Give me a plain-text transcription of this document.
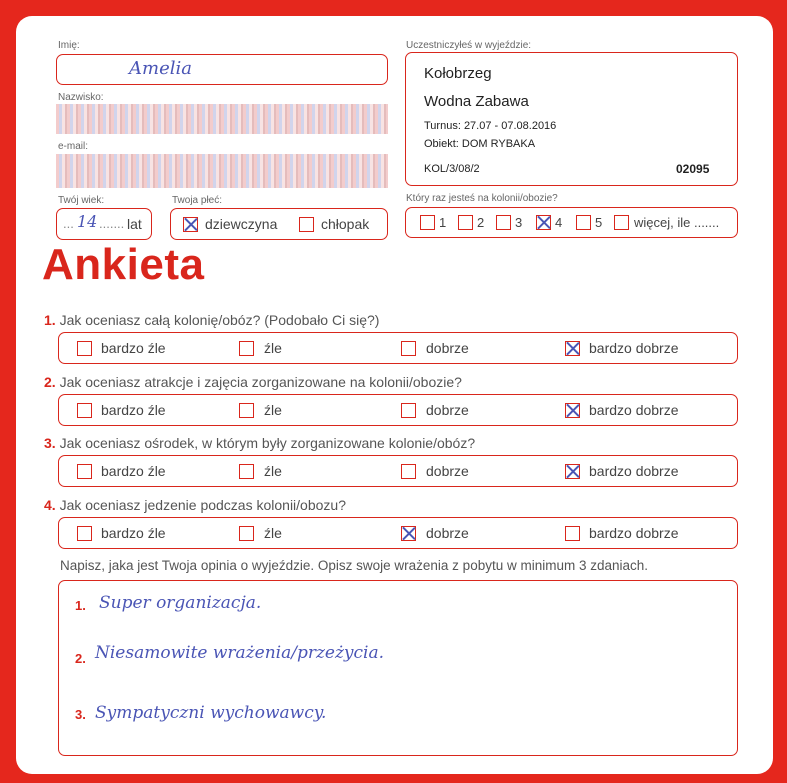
Imię:
Amelia
Nazwisko:
e-mail:
Twój wiek:
... 14 ....... lat
Twoja płeć:
dziewczyna	chłopak
Uczestniczyłeś w wyjeździe:
Kołobrzeg
Wodna Zabawa
Turnus: 27.07 - 07.08.2016
Obiekt: DOM RYBAKA
KOL/3/08/2	02095
Który raz jesteś na kolonii/obozie?
1 2 3	4	5 więcej, ile .......
Ankieta
1. Jak oceniasz całą kolonię/obóz? (Podobało Ci się?)
bardzo źle	źle	dobrze	bardzo dobrze
2. Jak oceniasz atrakcje i zajęcia zorganizowane na kolonii/obozie?
bardzo źle	źle	dobrze	bardzo dobrze
3. Jak oceniasz ośrodek, w którym były zorganizowane kolonie/obóz?
bardzo źle	źle	dobrze	bardzo dobrze
4. Jak oceniasz jedzenie podczas kolonii/obozu?
bardzo źle	źle	dobrze	bardzo dobrze
Napisz, jaka jest Twoja opinia o wyjeździe. Opisz swoje wrażenia z pobytu w minimum 3 zdaniach.
1. Super organizacja.
2. Niesamowite wrażenia/przeżycia.
3. Sympatyczni wychowawcy.
